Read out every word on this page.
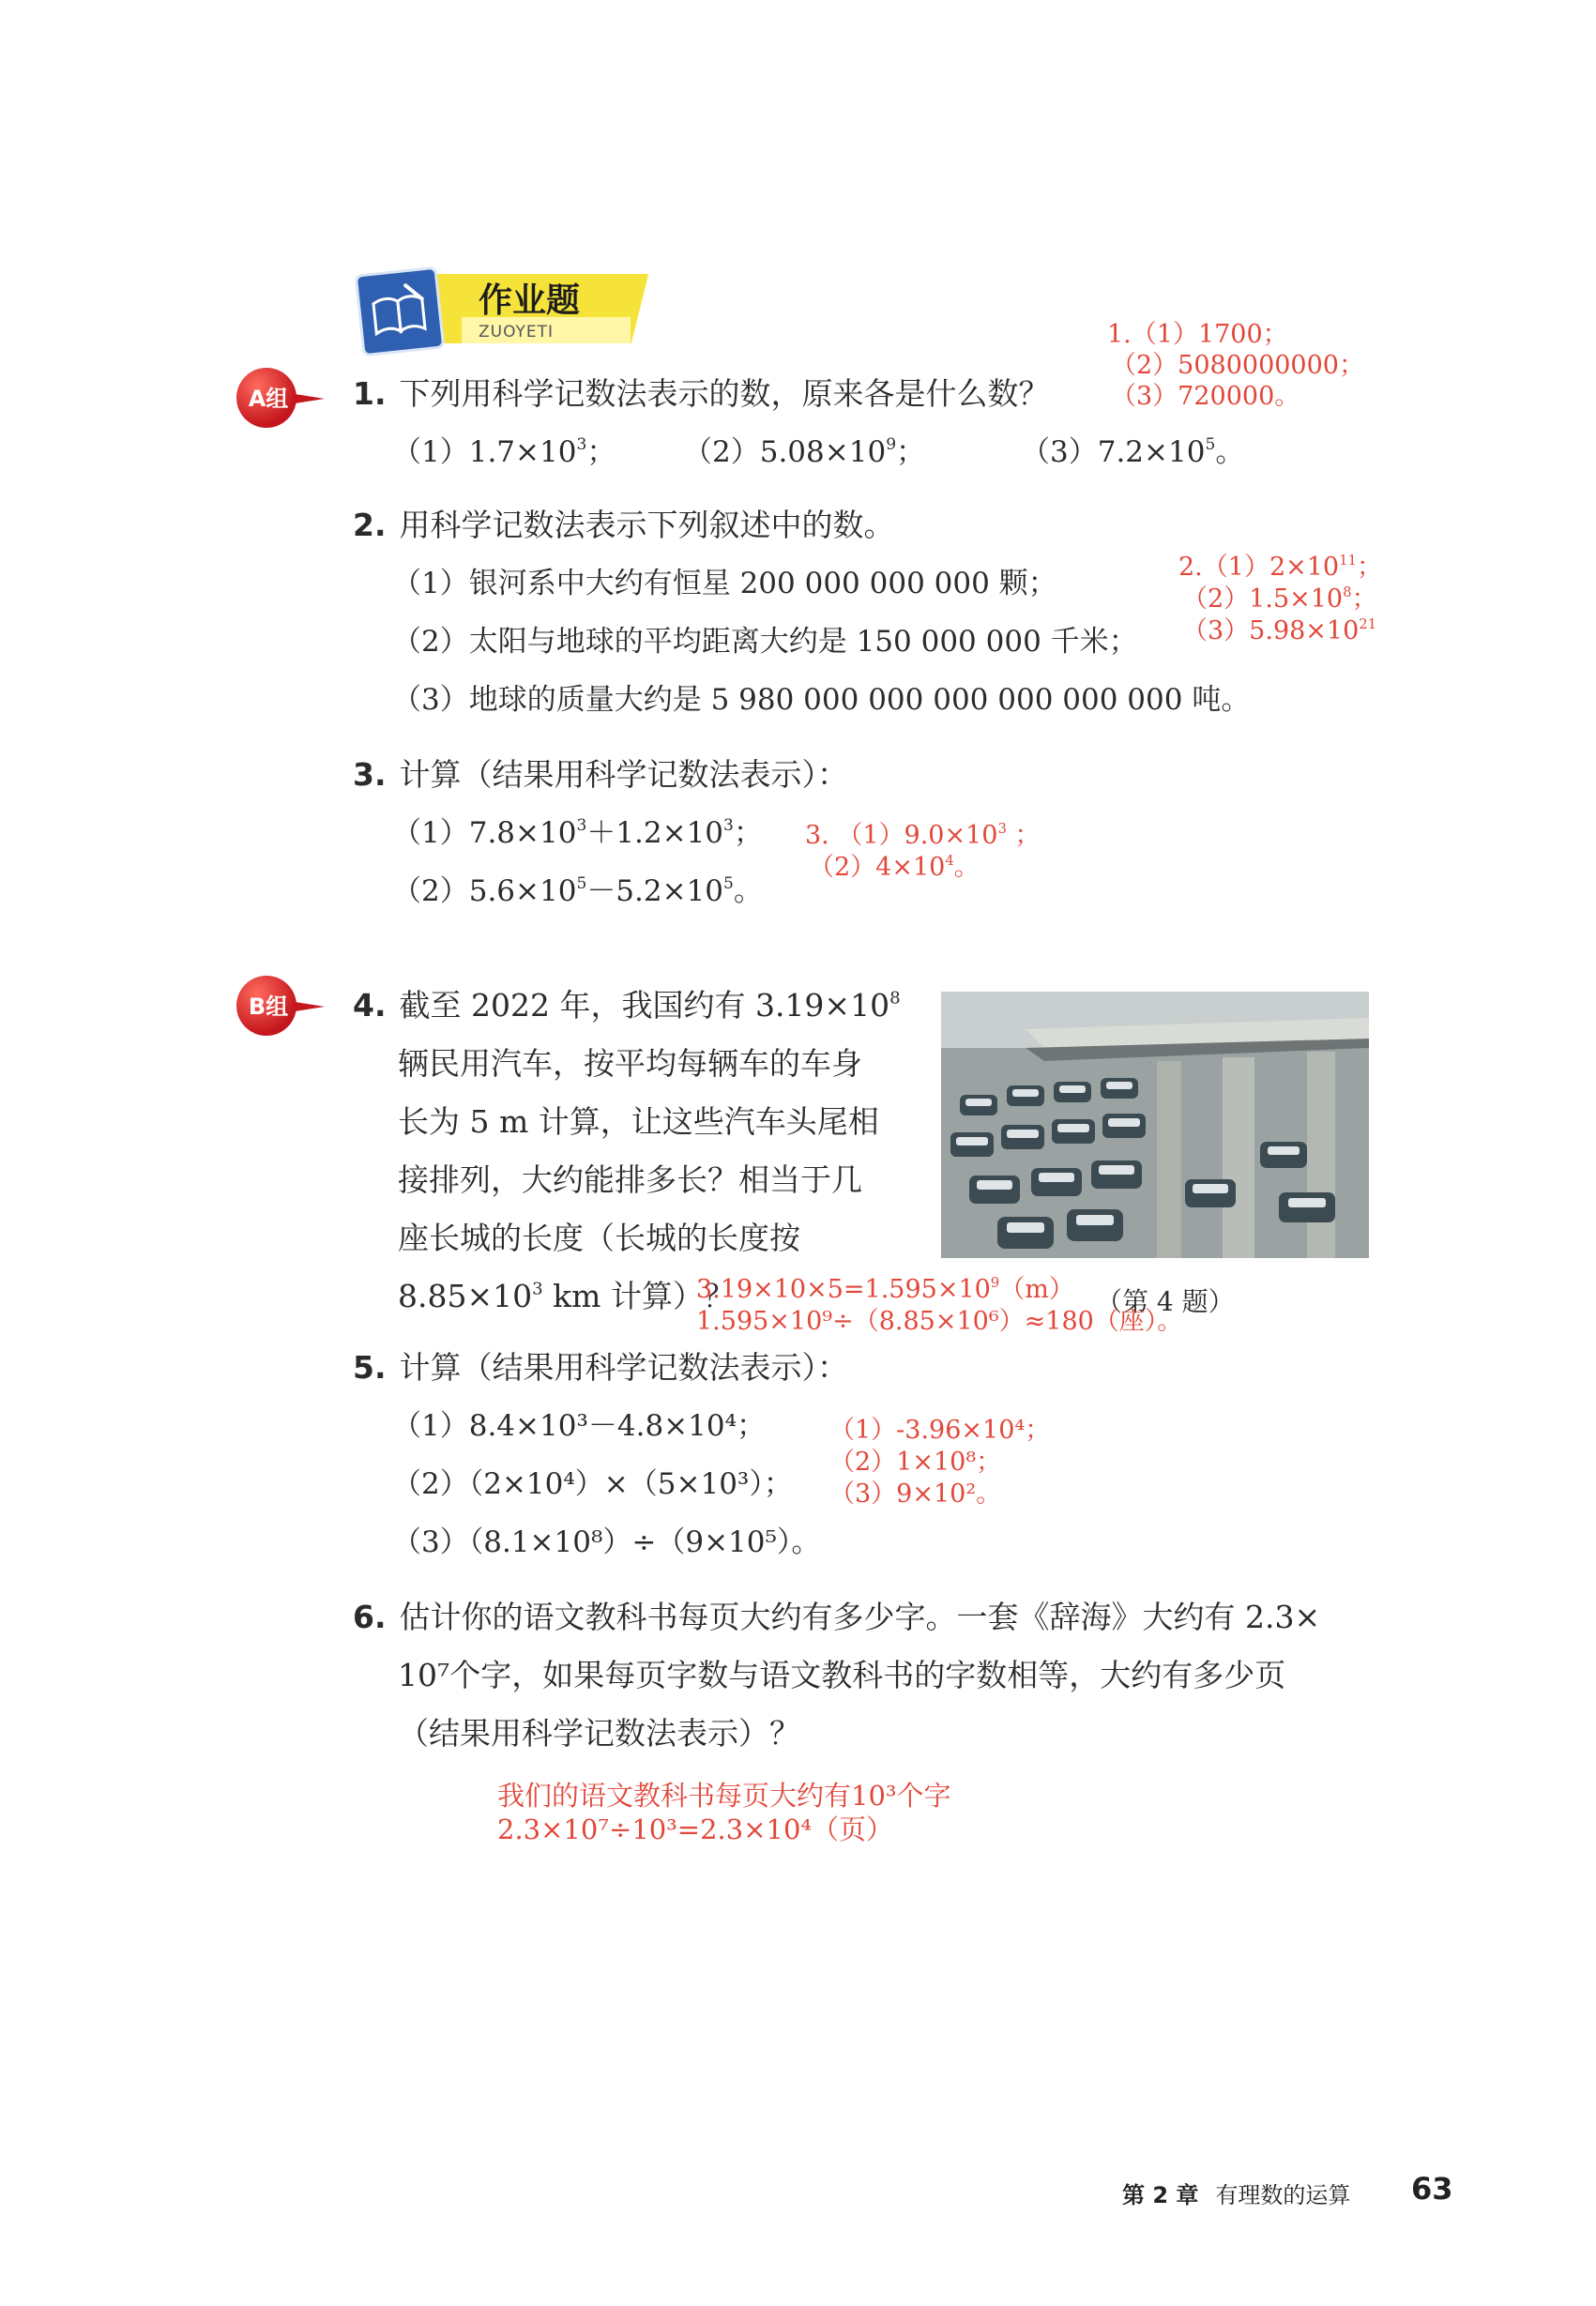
作业题
ZUOYETI
A组	1. 下列用科学记数法表示的数，原来各是什么数？
$(1)1.7\times 10^3$； $(2)5.08\times 10^9$；	$(3)7.2\times 10^5$。
1.（1）1700；
（2）5080000000；
（3）720000。
2. 用科学记数法表示下列叙述中的数。
（1）银河系中大约有恒星 200 000 000 000 颗；
（2）太阳与地球的平均距离大约是 150 000 000 千米；
（3）地球的质量大约是 5 980 000 000 000 000 000 000 吨。
$2.(1)2\times 10^{11}$；
$(2)1.5\times 10^8$；
$(3)5.98\times 10^{21}$
3. 计算（结果用科学记数法表示）：
$(1)7.8\times 10^3+1.2\times 10^3$；
$(2)5.6\times 10^5-5.2\times 10^5$。
3. $(1)9.0\times 10^3$ ；
$(2)4\times 10^4$。
B组	4. 截至 2022 年，我国约有 $3.19\times 10^8$
辆民用汽车，按平均每辆车的车身
长为 5 m 计算，让这些汽车头尾相
接排列，大约能排多长？相当于几
座长城的长度（长城的长度按
$8.85\times 10^3$ km 计算）？	（第 4 题）
$3.19\times 10\times 5=1.595\times 10^9(m)$
1.595×10⁹÷（8.85×10⁶）≈180（座）。
5. 计算（结果用科学记数法表示）：
（1）8.4×10³－4.8×10⁴；
（2）（2×10⁴）×（5×10³）；
（3）（8.1×10⁸）÷（9×10⁵）。
（1）-3.96×10⁴；
（2）1×10⁸；
（3）9×10²。
6. 估计你的语文教科书每页大约有多少字。一套《辞海》大约有 2.3×
10⁷个字，如果每页字数与语文教科书的字数相等，大约有多少页
（结果用科学记数法表示）？
我们的语文教科书每页大约有10³个字
2.3×10⁷÷10³=2.3×10⁴（页）
第 2 章 有理数的运算 63
